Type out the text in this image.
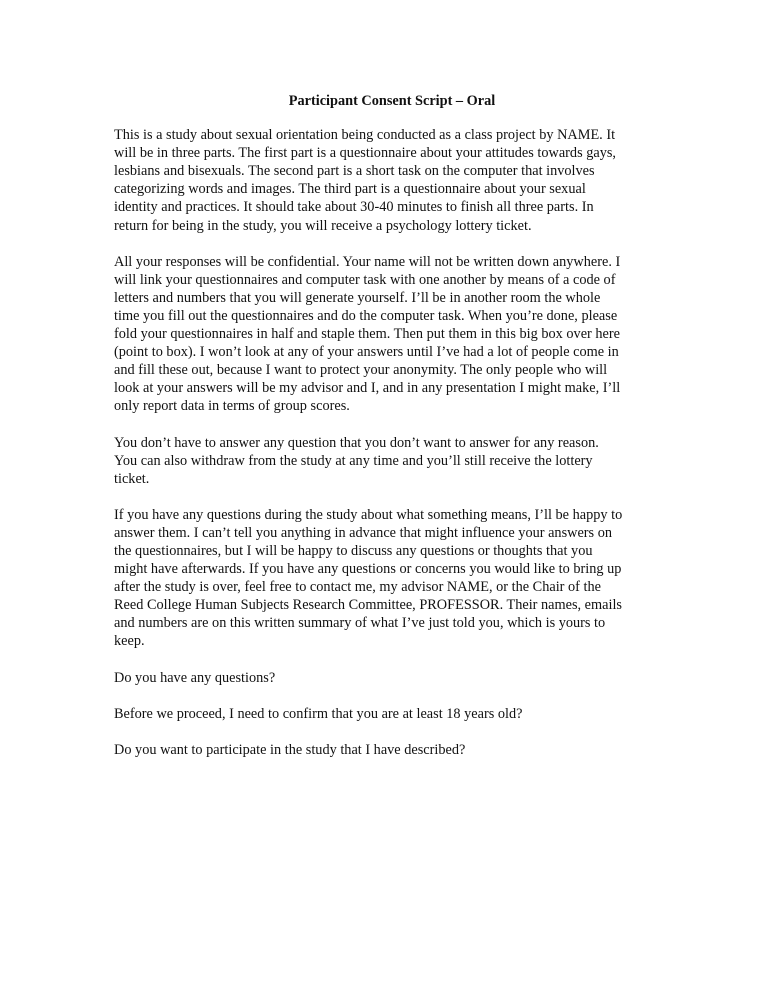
Participant Consent Script – Oral
This is a study about sexual orientation being conducted as a class project by NAME. It
will be in three parts. The first part is a questionnaire about your attitudes towards gays,
lesbians and bisexuals. The second part is a short task on the computer that involves
categorizing words and images. The third part is a questionnaire about your sexual
identity and practices. It should take about 30-40 minutes to finish all three parts. In
return for being in the study, you will receive a psychology lottery ticket.
All your responses will be confidential. Your name will not be written down anywhere. I
will link your questionnaires and computer task with one another by means of a code of
letters and numbers that you will generate yourself. I’ll be in another room the whole
time you fill out the questionnaires and do the computer task. When you’re done, please
fold your questionnaires in half and staple them. Then put them in this big box over here
(point to box). I won’t look at any of your answers until I’ve had a lot of people come in
and fill these out, because I want to protect your anonymity. The only people who will
look at your answers will be my advisor and I, and in any presentation I might make, I’ll
only report data in terms of group scores.
You don’t have to answer any question that you don’t want to answer for any reason.
You can also withdraw from the study at any time and you’ll still receive the lottery
ticket.
If you have any questions during the study about what something means, I’ll be happy to
answer them. I can’t tell you anything in advance that might influence your answers on
the questionnaires, but I will be happy to discuss any questions or thoughts that you
might have afterwards. If you have any questions or concerns you would like to bring up
after the study is over, feel free to contact me, my advisor NAME, or the Chair of the
Reed College Human Subjects Research Committee, PROFESSOR. Their names, emails
and numbers are on this written summary of what I’ve just told you, which is yours to
keep.
Do you have any questions?
Before we proceed, I need to confirm that you are at least 18 years old?
Do you want to participate in the study that I have described?
